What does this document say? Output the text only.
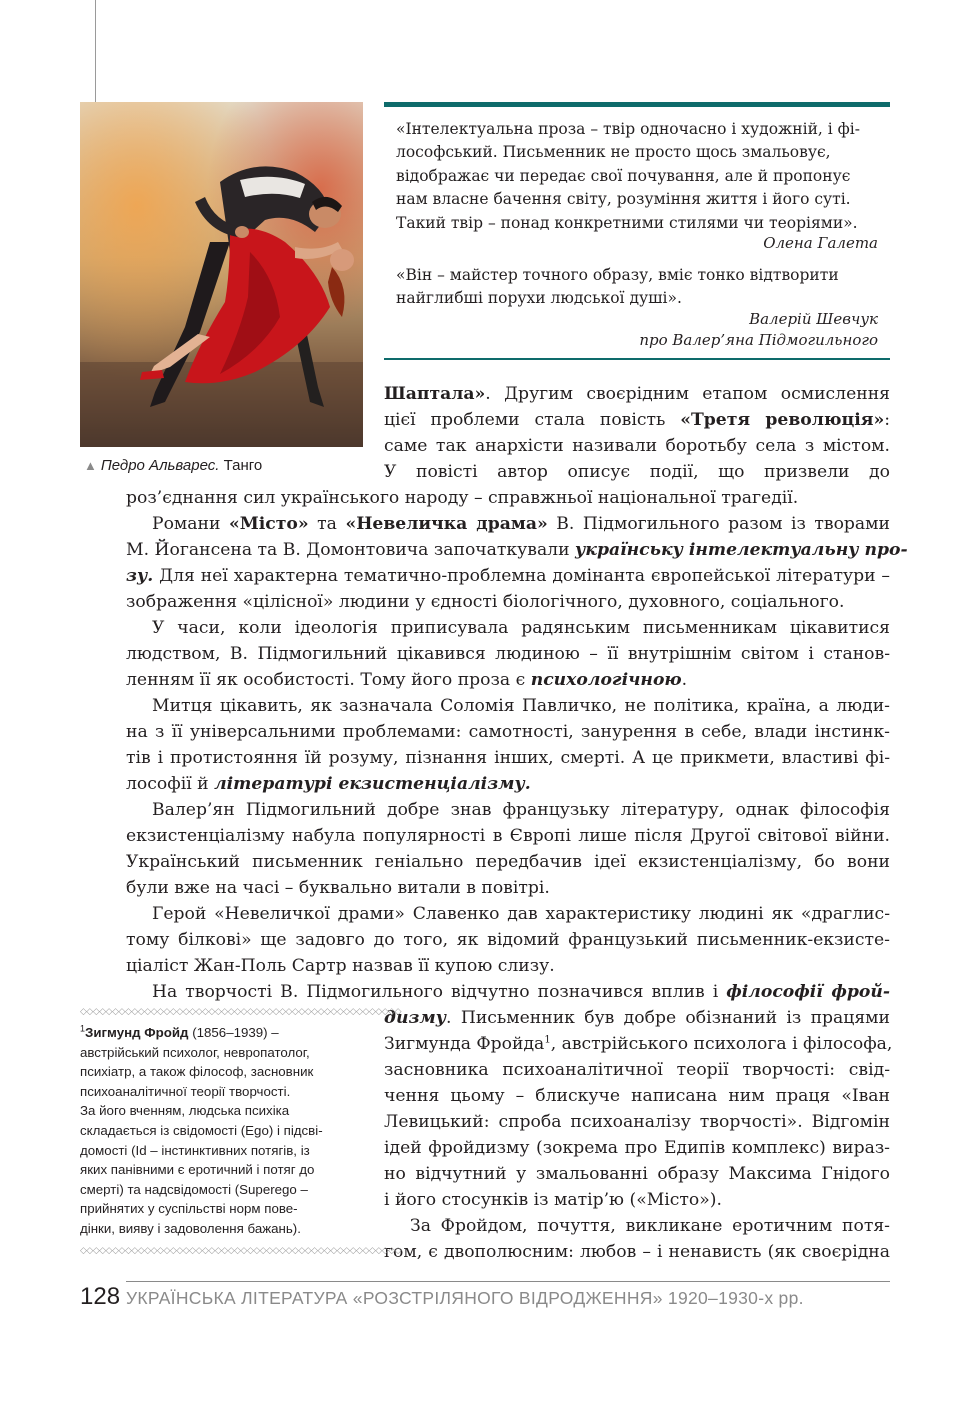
▲ Педро Альварес. Танго
«Інтелектуальна проза – твір одночасно і художній, і фі-
лософський. Письменник не просто щось змальовує,
відображає чи передає свої почування, але й пропонує
нам власне бачення світу, розуміння життя і його суті.
Такий твір – понад конкретними стилями чи теоріями».
Олена Галета
«Він – майстер точного образу, вміє тонко відтворити
найглибші порухи людської душі».
Валерій Шевчук
про Валер’яна Підмогильного
Шаптала». Другим своєрідним етапом осмислення
цієї проблеми стала повість «Третя революція»:
саме так анархісти називали боротьбу села з містом.
У повісті автор описує події, що призвели до
роз’єднання сил українського народу – справжньої національної трагедії.
Романи «Місто» та «Невеличка драма» В. Підмогильного разом із творами
М. Йогансена та В. Домонтовича започаткували українську інтелектуальну про-
зу. Для неї характерна тематично-проблемна домінанта європейської літератури –
зображення «цілісної» людини у єдності біологічного, духовного, соціального.
У часи, коли ідеологія приписувала радянським письменникам цікавитися
людством, В. Підмогильний цікавився людиною – її внутрішнім світом і станов-
ленням її як особистості. Тому його проза є психологічною.
Митця цікавить, як зазначала Соломія Павличко, не політика, країна, а люди-
на з її універсальними проблемами: самотності, занурення в себе, влади інстинк-
тів і протистояння їй розуму, пізнання інших, смерті. А це прикмети, властиві фі-
лософії й літературі екзистенціалізму.
Валер’ян Підмогильний добре знав французьку літературу, однак філософія
екзистенціалізму набула популярності в Європі лише після Другої світової війни.
Український письменник геніально передбачив ідеї екзистенціалізму, бо вони
були вже на часі – буквально витали в повітрі.
Герой «Невеличкої драми» Славенко дав характеристику людині як «драглис-
тому білкові» ще задовго до того, як відомий французький письменник-екзисте-
ціаліст Жан-Поль Сартр назвав її купою слизу.
На творчості В. Підмогильного відчутно позначився вплив і філософії фрой-
дизму. Письменник був добре обізнаний із працями
Зигмунда Фройда$^1$, австрійського психолога і філософа,
засновника психоаналітичної теорії творчості: свід-
чення цьому – блискуче написана ним праця «Іван
Левицький: спроба психоаналізу творчості». Відгомін
ідей фройдизму (зокрема про Едипів комплекс) вираз-
но відчутний у змальованні образу Максима Гнідого
і його стосунків із матір’ю («Місто»).
За Фройдом, почуття, викликане еротичним потя-
гом, є двополюсним: любов – і ненависть (як своєрідна
◇◇◇◇◇◇◇◇◇◇◇◇◇◇◇◇◇◇◇◇◇◇◇◇◇◇◇◇◇◇◇◇◇◇◇◇◇◇◇◇◇◇◇◇◇◇◇◇◇◇
$^1$Зигмунд Фройд (1856–1939) –
австрійський психолог, невропатолог,
психіатр, а також філософ, засновник
психоаналітичної теорії творчості.
За його вченням, людська психіка
складається із свідомості (Ego) і підсві-
домості (Id – інстинктивних потягів, із
яких панівними є еротичний і потяг до
смерті) та надсвідомості (Superego –
прийнятих у суспільстві норм пове-
дінки, вияву і задоволення бажань).
◇◇◇◇◇◇◇◇◇◇◇◇◇◇◇◇◇◇◇◇◇◇◇◇◇◇◇◇◇◇◇◇◇◇◇◇◇◇◇◇◇◇◇◇◇◇◇◇◇◇
128 УКРАЇНСЬКА ЛІТЕРАТУРА «РОЗСТРІЛЯНОГО ВІДРОДЖЕННЯ» 1920–1930-х рр.
